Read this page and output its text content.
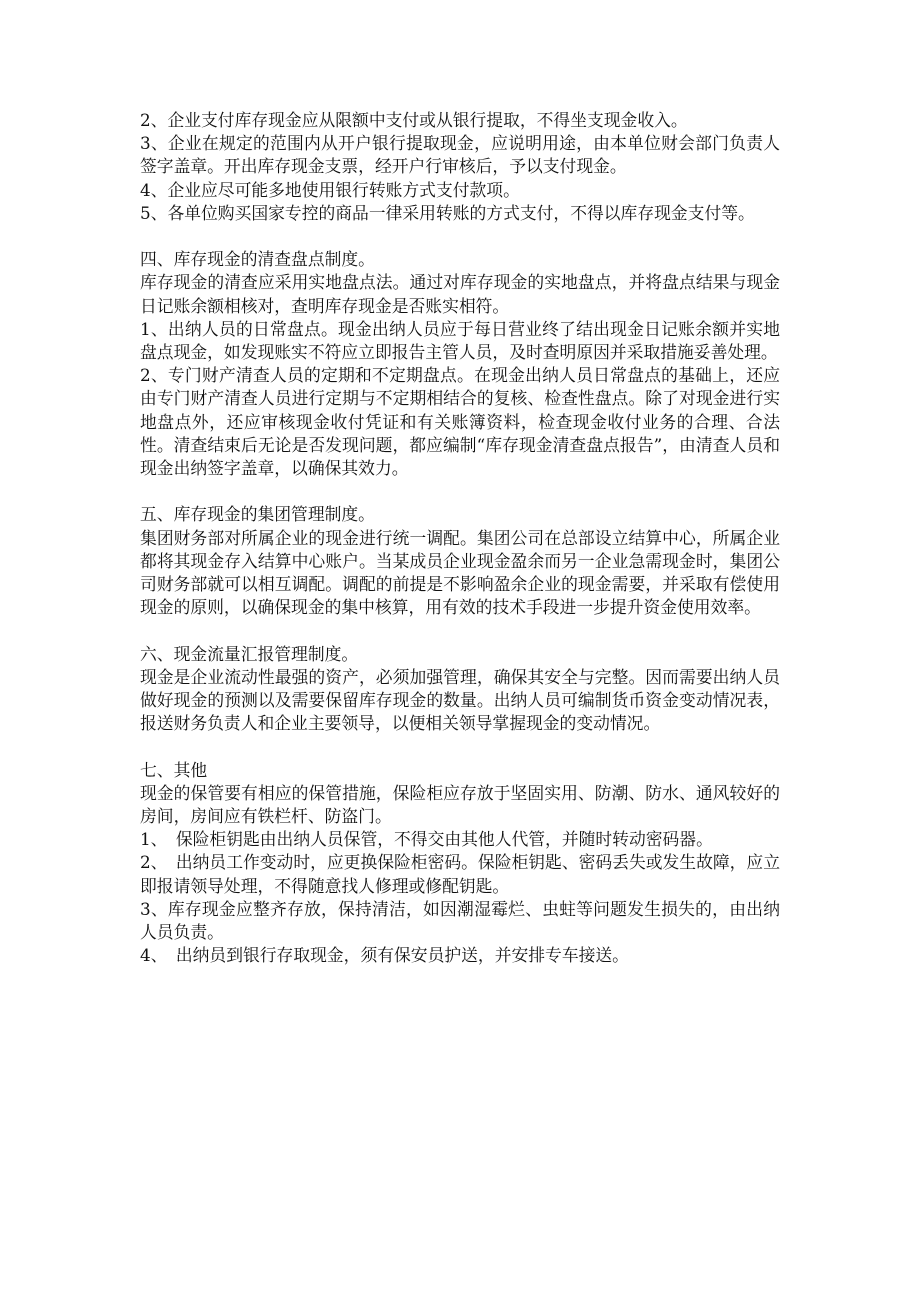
2、企业支付库存现金应从限额中支付或从银行提取，不得坐支现金收入。

3、企业在规定的范围内从开户银行提取现金，应说明用途，由本单位财会部门负责人签字盖章。开出库存现金支票，经开户行审核后，予以支付现金。

4、企业应尽可能多地使用银行转账方式支付款项。

5、各单位购买国家专控的商品一律采用转账的方式支付，不得以库存现金支付等。

四、库存现金的清查盘点制度。

库存现金的清查应采用实地盘点法。通过对库存现金的实地盘点，并将盘点结果与现金日记账余额相核对，查明库存现金是否账实相符。

1、出纳人员的日常盘点。现金出纳人员应于每日营业终了结出现金日记账余额并实地盘点现金，如发现账实不符应立即报告主管人员，及时查明原因并采取措施妥善处理。

2、专门财产清查人员的定期和不定期盘点。在现金出纳人员日常盘点的基础上，还应由专门财产清查人员进行定期与不定期相结合的复核、检查性盘点。除了对现金进行实地盘点外，还应审核现金收付凭证和有关账簿资料，检查现金收付业务的合理、合法性。清查结束后无论是否发现问题，都应编制“库存现金清查盘点报告”，由清查人员和现金出纳签字盖章，以确保其效力。

五、库存现金的集团管理制度。

集团财务部对所属企业的现金进行统一调配。集团公司在总部设立结算中心，所属企业都将其现金存入结算中心账户。当某成员企业现金盈余而另一企业急需现金时，集团公司财务部就可以相互调配。调配的前提是不影响盈余企业的现金需要，并采取有偿使用现金的原则，以确保现金的集中核算，用有效的技术手段进一步提升资金使用效率。

六、现金流量汇报管理制度。

现金是企业流动性最强的资产，必须加强管理，确保其安全与完整。因而需要出纳人员做好现金的预测以及需要保留库存现金的数量。出纳人员可编制货币资金变动情况表，报送财务负责人和企业主要领导，以便相关领导掌握现金的变动情况。

七、其他

现金的保管要有相应的保管措施，保险柜应存放于坚固实用、防潮、防水、通风较好的房间，房间应有铁栏杆、防盗门。

1、　保险柜钥匙由出纳人员保管，不得交由其他人代管，并随时转动密码器。

2、　出纳员工作变动时，应更换保险柜密码。保险柜钥匙、密码丢失或发生故障，应立即报请领导处理，不得随意找人修理或修配钥匙。

3、库存现金应整齐存放，保持清洁，如因潮湿霉烂、虫蛀等问题发生损失的，由出纳人员负责。

4、　出纳员到银行存取现金，须有保安员护送，并安排专车接送。
